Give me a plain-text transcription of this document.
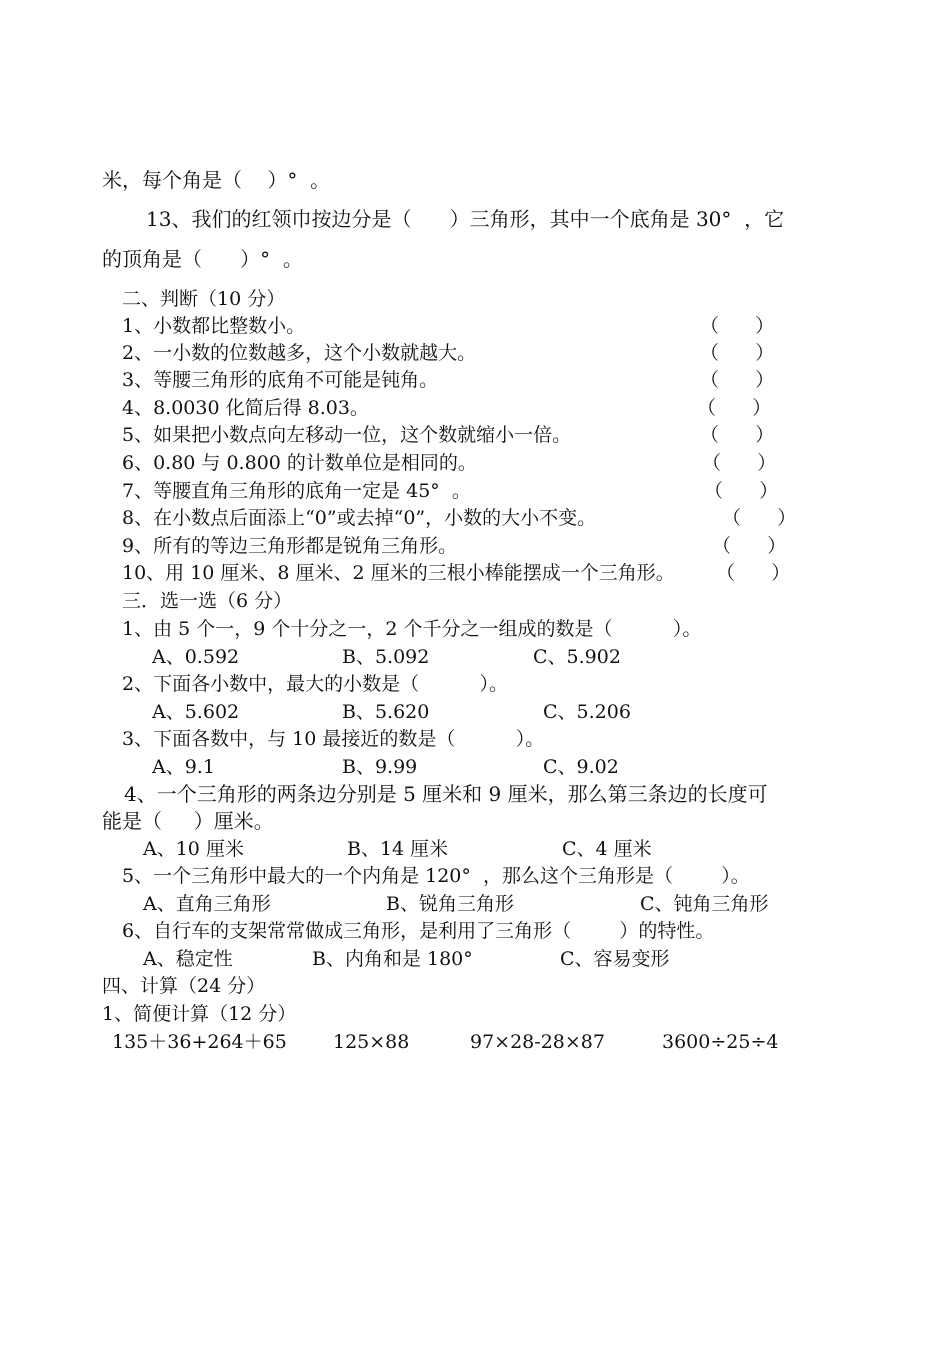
米，每个角是（    ）°  。
13、我们的红领巾按边分是（      ）三角形，其中一个底角是 30°  ，它
的顶角是（      ）°  。
二、判断（10 分）
1、小数都比整数小。	（      ）
2、一小数的位数越多，这个小数就越大。	（      ）
3、等腰三角形的底角不可能是钝角。	（      ）
4、8.0030 化简后得 8.03。	（      ）
5、如果把小数点向左移动一位，这个数就缩小一倍。	（      ）
6、0.80 与 0.800 的计数单位是相同的。	（      ）
7、等腰直角三角形的底角一定是 45°  。	（      ）
8、在小数点后面添上“0”或去掉“0”，小数的大小不变。	（      ）
9、所有的等边三角形都是锐角三角形。	（      ）
10、用 10 厘米、8 厘米、2 厘米的三根小棒能摆成一个三角形。 （      ）
三．选一选（6 分）
1、由 5 个一，9 个十分之一，2 个千分之一组成的数是（          ）。
A、0.592	B、5.092	C、5.902
2、下面各小数中，最大的小数是（          ）。
A、5.602	B、5.620	C、5.206
3、下面各数中，与 10 最接近的数是（          ）。
A、9.1	B、9.99	C、9.02
4、一个三角形的两条边分别是 5 厘米和 9 厘米，那么第三条边的长度可
能是（     ）厘米。
A、10 厘米	B、14 厘米	C、4 厘米
5、一个三角形中最大的一个内角是 120°  ，那么这个三角形是（        ）。
A、直角三角形	B、锐角三角形	C、钝角三角形
6、自行车的支架常常做成三角形，是利用了三角形（        ）的特性。
A、稳定性	B、内角和是 180°	C、容易变形
四、计算（24 分）
1、简便计算（12 分）
135＋36+264＋65 125×88	97×28-28×87	3600÷25÷4
